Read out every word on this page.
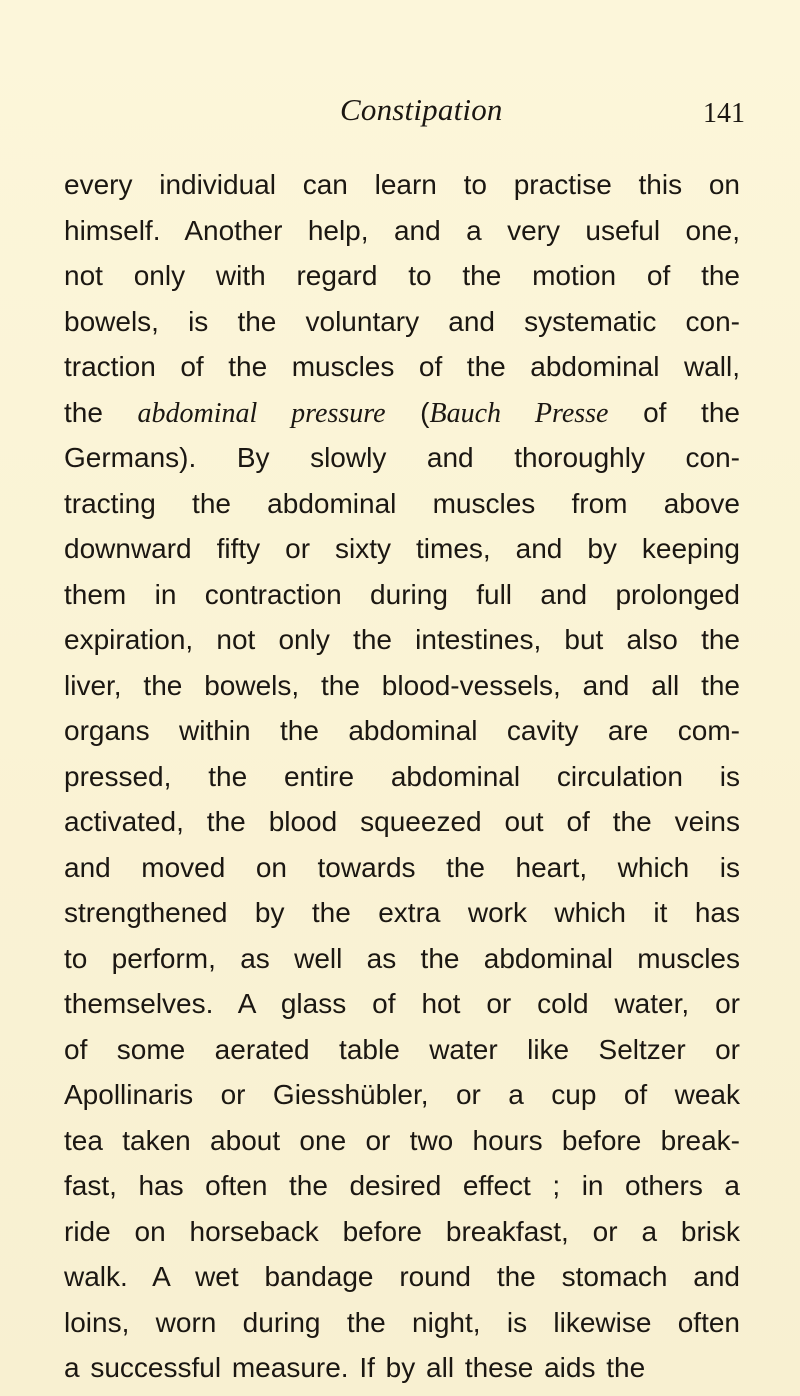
Constipation	141
every individual can learn to practise this on
himself. Another help, and a very useful one,
not only with regard to the motion of the
bowels, is the voluntary and systematic con-
traction of the muscles of the abdominal wall,
the abdominal pressure (Bauch Presse of the
Germans). By slowly and thoroughly con-
tracting the abdominal muscles from above
downward fifty or sixty times, and by keeping
them in contraction during full and prolonged
expiration, not only the intestines, but also the
liver, the bowels, the blood-vessels, and all the
organs within the abdominal cavity are com-
pressed, the entire abdominal circulation is
activated, the blood squeezed out of the veins
and moved on towards the heart, which is
strengthened by the extra work which it has
to perform, as well as the abdominal muscles
themselves. A glass of hot or cold water, or
of some aerated table water like Seltzer or
Apollinaris or Giesshübler, or a cup of weak
tea taken about one or two hours before break-
fast, has often the desired effect ; in others a
ride on horseback before breakfast, or a brisk
walk. A wet bandage round the stomach and
loins, worn during the night, is likewise often
a successful measure. If by all these aids the
